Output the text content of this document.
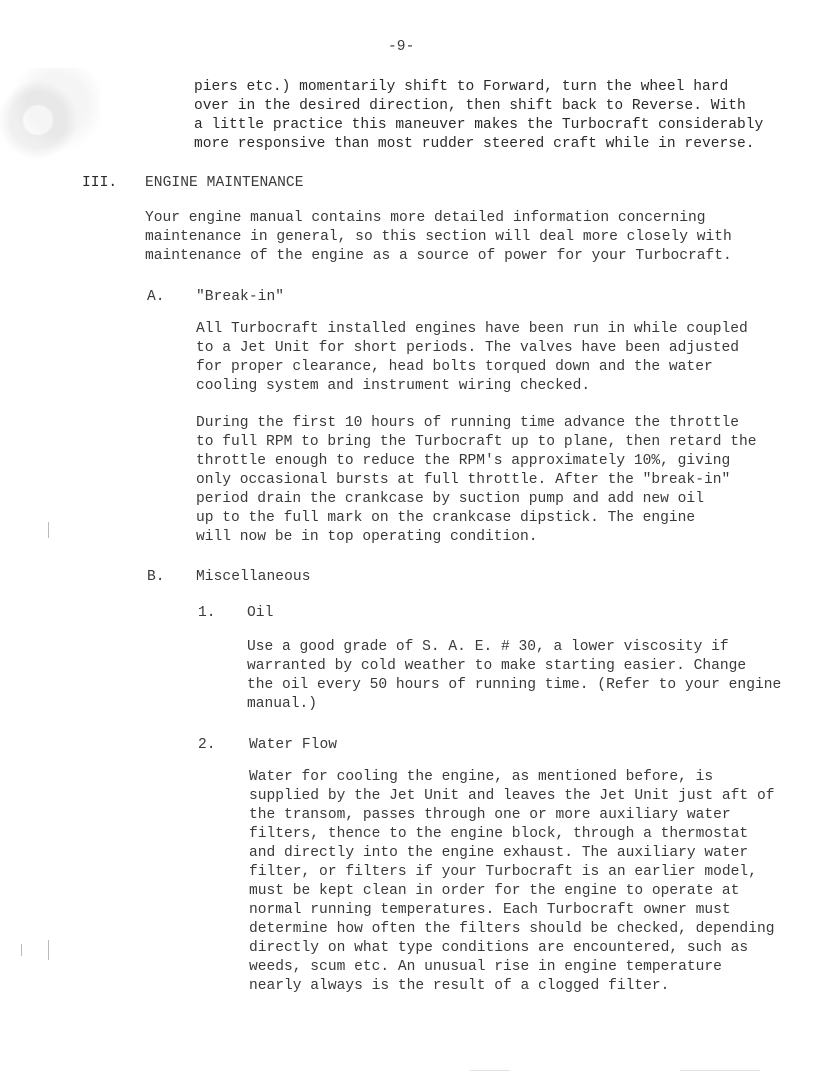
-9-
piers etc.) momentarily shift to Forward, turn the wheel hard
over in the desired direction, then shift back to Reverse. With
a little practice this maneuver makes the Turbocraft considerably
more responsive than most rudder steered craft while in reverse.
III. ENGINE MAINTENANCE
Your engine manual contains more detailed information concerning
maintenance in general, so this section will deal more closely with
maintenance of the engine as a source of power for your Turbocraft.
A. "Break-in"
All Turbocraft installed engines have been run in while coupled
to a Jet Unit for short periods. The valves have been adjusted
for proper clearance, head bolts torqued down and the water
cooling system and instrument wiring checked.
During the first 10 hours of running time advance the throttle
to full RPM to bring the Turbocraft up to plane, then retard the
throttle enough to reduce the RPM's approximately 10%, giving
only occasional bursts at full throttle. After the "break-in"
period drain the crankcase by suction pump and add new oil
up to the full mark on the crankcase dipstick. The engine
will now be in top operating condition.
B. Miscellaneous
1. Oil
Use a good grade of S. A. E. # 30, a lower viscosity if
warranted by cold weather to make starting easier. Change
the oil every 50 hours of running time. (Refer to your engine
manual.)
2. Water Flow
Water for cooling the engine, as mentioned before, is
supplied by the Jet Unit and leaves the Jet Unit just aft of
the transom, passes through one or more auxiliary water
filters, thence to the engine block, through a thermostat
and directly into the engine exhaust. The auxiliary water
filter, or filters if your Turbocraft is an earlier model,
must be kept clean in order for the engine to operate at
normal running temperatures. Each Turbocraft owner must
determine how often the filters should be checked, depending
directly on what type conditions are encountered, such as
weeds, scum etc. An unusual rise in engine temperature
nearly always is the result of a clogged filter.
